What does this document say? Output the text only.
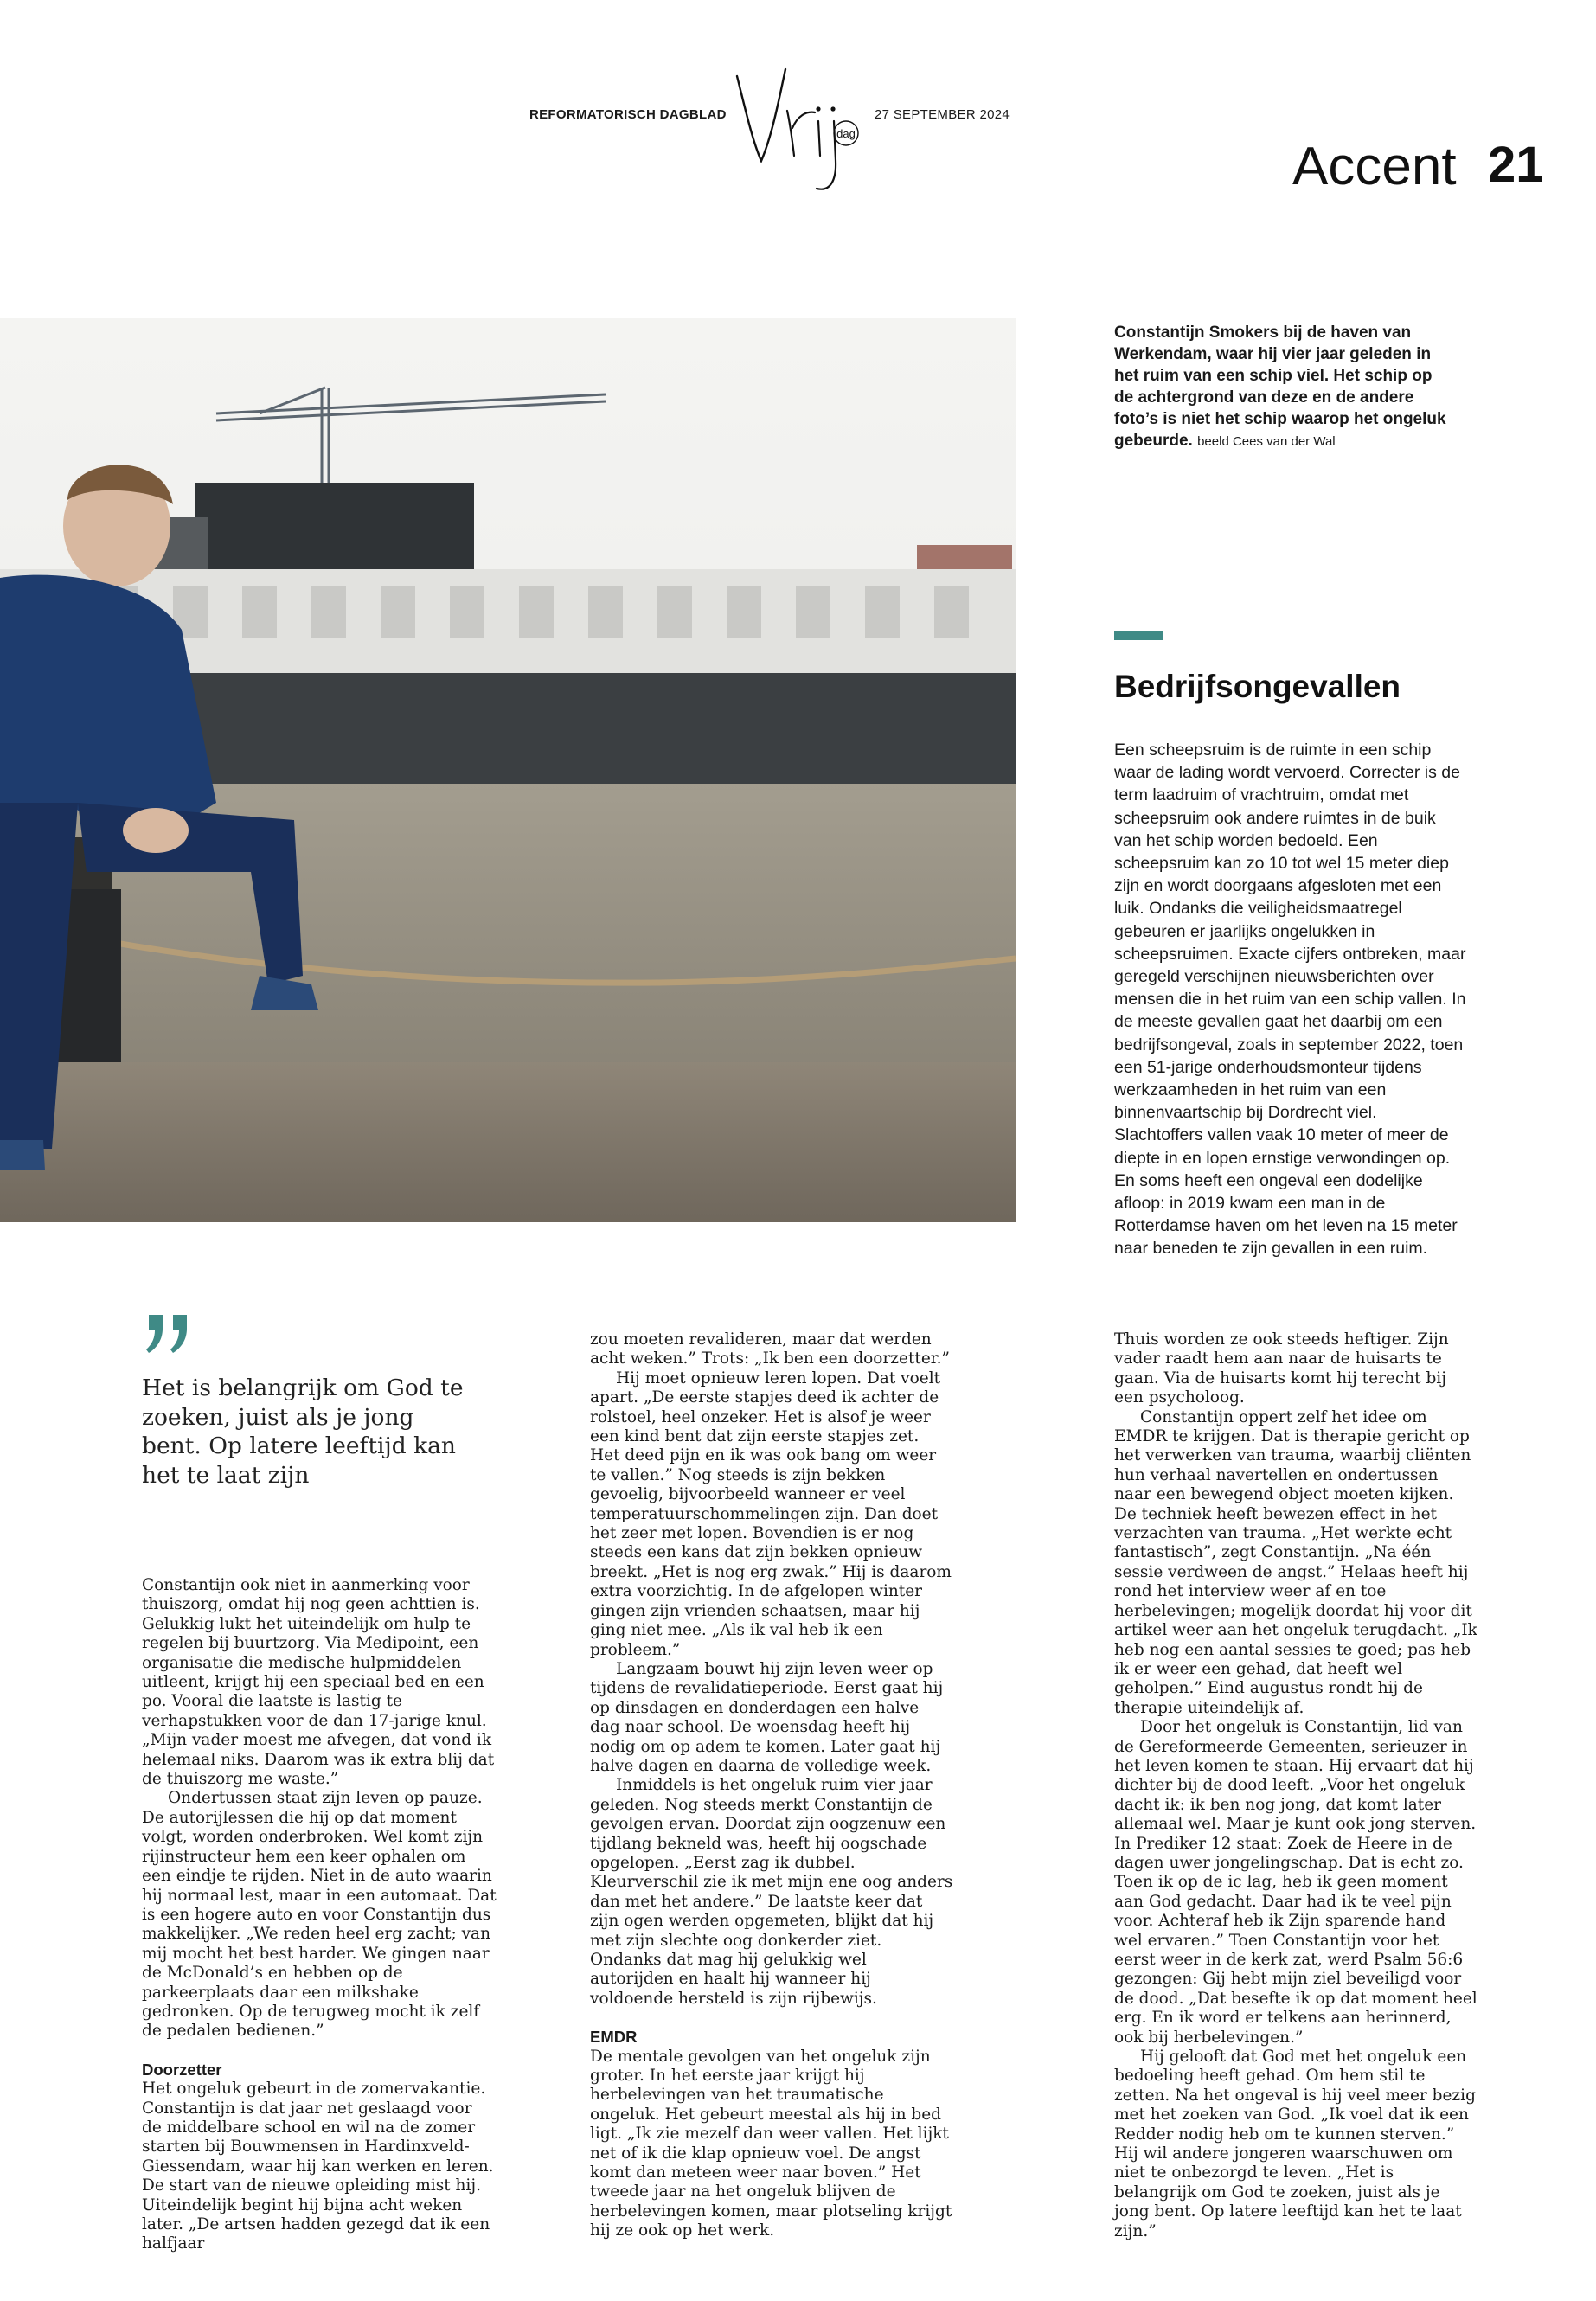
REFORMATORISCH DAGBLAD
dag
27 SEPTEMBER 2024
Accent 21
Constantijn Smokers bij de haven van Werkendam, waar hij vier jaar geleden in het ruim van een schip viel. Het schip op de achtergrond van deze en de andere foto’s is niet het schip waarop het ongeluk gebeurde. beeld Cees van der Wal
Bedrijfsongevallen
Een scheepsruim is de ruimte in een schip waar de lading wordt vervoerd. Correcter is de term laadruim of vrachtruim, omdat met scheepsruim ook andere ruimtes in de buik van het schip worden bedoeld. Een scheepsruim kan zo 10 tot wel 15 meter diep zijn en wordt doorgaans afgesloten met een luik. Ondanks die veiligheidsmaatregel gebeuren er jaarlijks ongelukken in scheepsruimen. Exacte cijfers ontbreken, maar geregeld verschijnen nieuwsberichten over mensen die in het ruim van een schip vallen. In de meeste gevallen gaat het daarbij om een bedrijfsongeval, zoals in september 2022, toen een 51-jarige onderhoudsmonteur tijdens werkzaamheden in het ruim van een binnenvaartschip bij Dordrecht viel. Slachtoffers vallen vaak 10 meter of meer de diepte in en lopen ernstige verwondingen op. En soms heeft een ongeval een dodelijke afloop: in 2019 kwam een man in de Rotterdamse haven om het leven na 15 meter naar beneden te zijn gevallen in een ruim.
Het is belangrijk om God te zoeken, juist als je jong bent. Op latere leeftijd kan het te laat zijn

Constantijn ook niet in aanmerking voor thuiszorg, omdat hij nog geen achttien is. Gelukkig lukt het uiteindelijk om hulp te regelen bij buurtzorg. Via Medipoint, een organisatie die medische hulpmiddelen uitleent, krijgt hij een speciaal bed en een po. Vooral die laatste is lastig te verhapstukken voor de dan 17-jarige knul. „Mijn vader moest me afvegen, dat vond ik helemaal niks. Daarom was ik extra blij dat de thuiszorg me waste.”

Ondertussen staat zijn leven op pauze. De autorijlessen die hij op dat moment volgt, worden onderbroken. Wel komt zijn rijinstructeur hem een keer ophalen om een eindje te rijden. Niet in de auto waarin hij normaal lest, maar in een automaat. Dat is een hogere auto en voor Constantijn dus makkelijker. „We reden heel erg zacht; van mij mocht het best harder. We gingen naar de McDonald’s en hebben op de parkeerplaats daar een milkshake gedronken. Op de terugweg mocht ik zelf de pedalen bedienen.”

Doorzetter

Het ongeluk gebeurt in de zomervakantie. Constantijn is dat jaar net geslaagd voor de middelbare school en wil na de zomer starten bij Bouwmensen in Hardinxveld-Giessendam, waar hij kan werken en leren. De start van de nieuwe opleiding mist hij. Uiteindelijk begint hij bijna acht weken later. „De artsen hadden gezegd dat ik een halfjaar

zou moeten revalideren, maar dat werden acht weken.” Trots: „Ik ben een doorzetter.”

Hij moet opnieuw leren lopen. Dat voelt apart. „De eerste stapjes deed ik achter de rolstoel, heel onzeker. Het is alsof je weer een kind bent dat zijn eerste stapjes zet. Het deed pijn en ik was ook bang om weer te vallen.” Nog steeds is zijn bekken gevoelig, bijvoorbeeld wanneer er veel temperatuurschommelingen zijn. Dan doet het zeer met lopen. Bovendien is er nog steeds een kans dat zijn bekken opnieuw breekt. „Het is nog erg zwak.” Hij is daarom extra voorzichtig. In de afgelopen winter gingen zijn vrienden schaatsen, maar hij ging niet mee. „Als ik val heb ik een probleem.”

Langzaam bouwt hij zijn leven weer op tijdens de revalidatieperiode. Eerst gaat hij op dinsdagen en donderdagen een halve dag naar school. De woensdag heeft hij nodig om op adem te komen. Later gaat hij halve dagen en daarna de volledige week.

Inmiddels is het ongeluk ruim vier jaar geleden. Nog steeds merkt Constantijn de gevolgen ervan. Doordat zijn oogzenuw een tijdlang bekneld was, heeft hij oogschade opgelopen. „Eerst zag ik dubbel. Kleurverschil zie ik met mijn ene oog anders dan met het andere.” De laatste keer dat zijn ogen werden opgemeten, blijkt dat hij met zijn slechte oog donkerder ziet. Ondanks dat mag hij gelukkig wel autorijden en haalt hij wanneer hij voldoende hersteld is zijn rijbewijs.

EMDR

De mentale gevolgen van het ongeluk zijn groter. In het eerste jaar krijgt hij herbelevingen van het traumatische ongeluk. Het gebeurt meestal als hij in bed ligt. „Ik zie mezelf dan weer vallen. Het lijkt net of ik die klap opnieuw voel. De angst komt dan meteen weer naar boven.” Het tweede jaar na het ongeluk blijven de herbelevingen komen, maar plotseling krijgt hij ze ook op het werk.

Thuis worden ze ook steeds heftiger. Zijn vader raadt hem aan naar de huisarts te gaan. Via de huisarts komt hij terecht bij een psycholoog.

Constantijn oppert zelf het idee om EMDR te krijgen. Dat is therapie gericht op het verwerken van trauma, waarbij cliënten hun verhaal navertellen en ondertussen naar een bewegend object moeten kijken. De techniek heeft bewezen effect in het verzachten van trauma. „Het werkte echt fantastisch”, zegt Constantijn. „Na één sessie verdween de angst.” Helaas heeft hij rond het interview weer af en toe herbelevingen; mogelijk doordat hij voor dit artikel weer aan het ongeluk terugdacht. „Ik heb nog een aantal sessies te goed; pas heb ik er weer een gehad, dat heeft wel geholpen.” Eind augustus rondt hij de therapie uiteindelijk af.

Door het ongeluk is Constantijn, lid van de Gereformeerde Gemeenten, serieuzer in het leven komen te staan. Hij ervaart dat hij dichter bij de dood leeft. „Voor het ongeluk dacht ik: ik ben nog jong, dat komt later allemaal wel. Maar je kunt ook jong sterven. In Prediker 12 staat: Zoek de Heere in de dagen uwer jongelingschap. Dat is echt zo. Toen ik op de ic lag, heb ik geen moment aan God gedacht. Daar had ik te veel pijn voor. Achteraf heb ik Zijn sparende hand wel ervaren.” Toen Constantijn voor het eerst weer in de kerk zat, werd Psalm 56:6 gezongen: Gij hebt mijn ziel beveiligd voor de dood. „Dat besefte ik op dat moment heel erg. En ik word er telkens aan herinnerd, ook bij herbelevingen.”

Hij gelooft dat God met het ongeluk een bedoeling heeft gehad. Om hem stil te zetten. Na het ongeval is hij veel meer bezig met het zoeken van God. „Ik voel dat ik een Redder nodig heb om te kunnen sterven.” Hij wil andere jongeren waarschuwen om niet te onbezorgd te leven. „Het is belangrijk om God te zoeken, juist als je jong bent. Op latere leeftijd kan het te laat zijn.”
